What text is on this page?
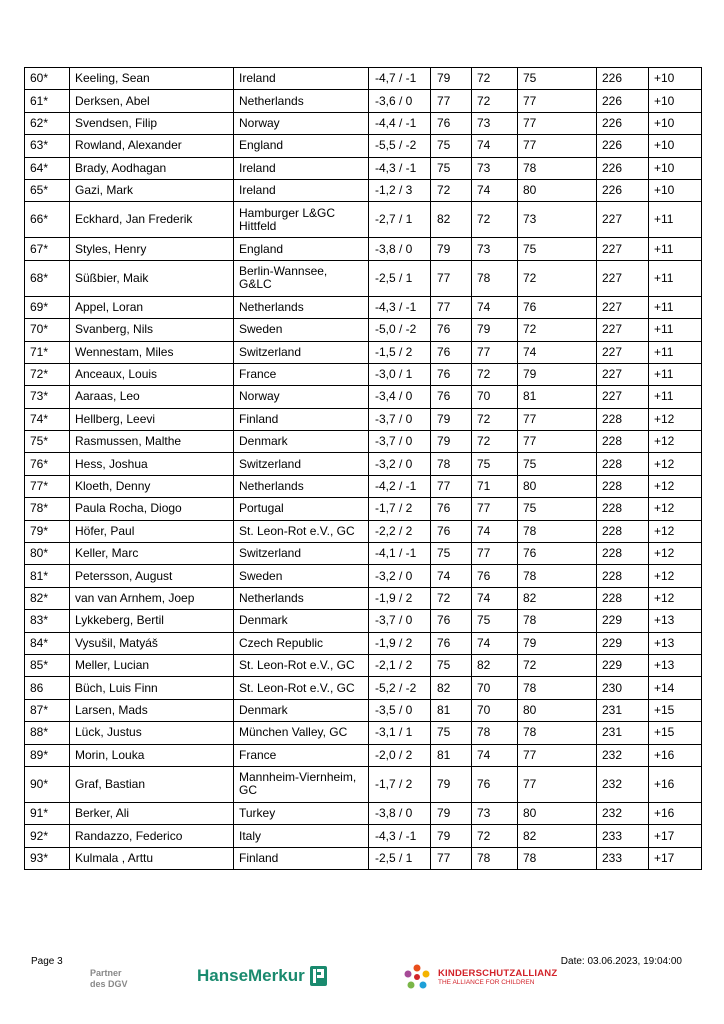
60*	Keeling, Sean	Ireland	-4,7 / -1	79	72	75	226	+10
61*	Derksen, Abel	Netherlands	-3,6 / 0	77	72	77	226	+10
62*	Svendsen, Filip	Norway	-4,4 / -1	76	73	77	226	+10
63*	Rowland, Alexander	England	-5,5 / -2	75	74	77	226	+10
64*	Brady, Aodhagan	Ireland	-4,3 / -1	75	73	78	226	+10
65*	Gazi, Mark	Ireland	-1,2 / 3	72	74	80	226	+10
66*	Eckhard, Jan Frederik	Hamburger L&GC Hittfeld	-2,7 / 1	82	72	73	227	+11
67*	Styles, Henry	England	-3,8 / 0	79	73	75	227	+11
68*	Süßbier, Maik	Berlin-Wannsee, G&LC	-2,5 / 1	77	78	72	227	+11
69*	Appel, Loran	Netherlands	-4,3 / -1	77	74	76	227	+11
70*	Svanberg, Nils	Sweden	-5,0 / -2	76	79	72	227	+11
71*	Wennestam, Miles	Switzerland	-1,5 / 2	76	77	74	227	+11
72*	Anceaux, Louis	France	-3,0 / 1	76	72	79	227	+11
73*	Aaraas, Leo	Norway	-3,4 / 0	76	70	81	227	+11
74*	Hellberg, Leevi	Finland	-3,7 / 0	79	72	77	228	+12
75*	Rasmussen, Malthe	Denmark	-3,7 / 0	79	72	77	228	+12
76*	Hess, Joshua	Switzerland	-3,2 / 0	78	75	75	228	+12
77*	Kloeth, Denny	Netherlands	-4,2 / -1	77	71	80	228	+12
78*	Paula Rocha, Diogo	Portugal	-1,7 / 2	76	77	75	228	+12
79*	Höfer, Paul	St. Leon-Rot e.V., GC	-2,2 / 2	76	74	78	228	+12
80*	Keller, Marc	Switzerland	-4,1 / -1	75	77	76	228	+12
81*	Petersson, August	Sweden	-3,2 / 0	74	76	78	228	+12
82*	van van Arnhem, Joep	Netherlands	-1,9 / 2	72	74	82	228	+12
83*	Lykkeberg, Bertil	Denmark	-3,7 / 0	76	75	78	229	+13
84*	Vysušil, Matyáš	Czech Republic	-1,9 / 2	76	74	79	229	+13
85*	Meller, Lucian	St. Leon-Rot e.V., GC	-2,1 / 2	75	82	72	229	+13
86	Büch, Luis Finn	St. Leon-Rot e.V., GC	-5,2 / -2	82	70	78	230	+14
87*	Larsen, Mads	Denmark	-3,5 / 0	81	70	80	231	+15
88*	Lück, Justus	München Valley, GC	-3,1 / 1	75	78	78	231	+15
89*	Morin, Louka	France	-2,0 / 2	81	74	77	232	+16
90*	Graf, Bastian	Mannheim-Viernheim, GC	-1,7 / 2	79	76	77	232	+16
91*	Berker, Ali	Turkey	-3,8 / 0	79	73	80	232	+16
92*	Randazzo, Federico	Italy	-4,3 / -1	79	72	82	233	+17
93*	Kulmala , Arttu	Finland	-2,5 / 1	77	78	78	233	+17
Page 3	Date: 03.06.2023, 19:04:00
Partner
des DGV	HanseMerkur	KINDERSCHUTZALLIANZ
THE ALLIANCE FOR CHILDREN
